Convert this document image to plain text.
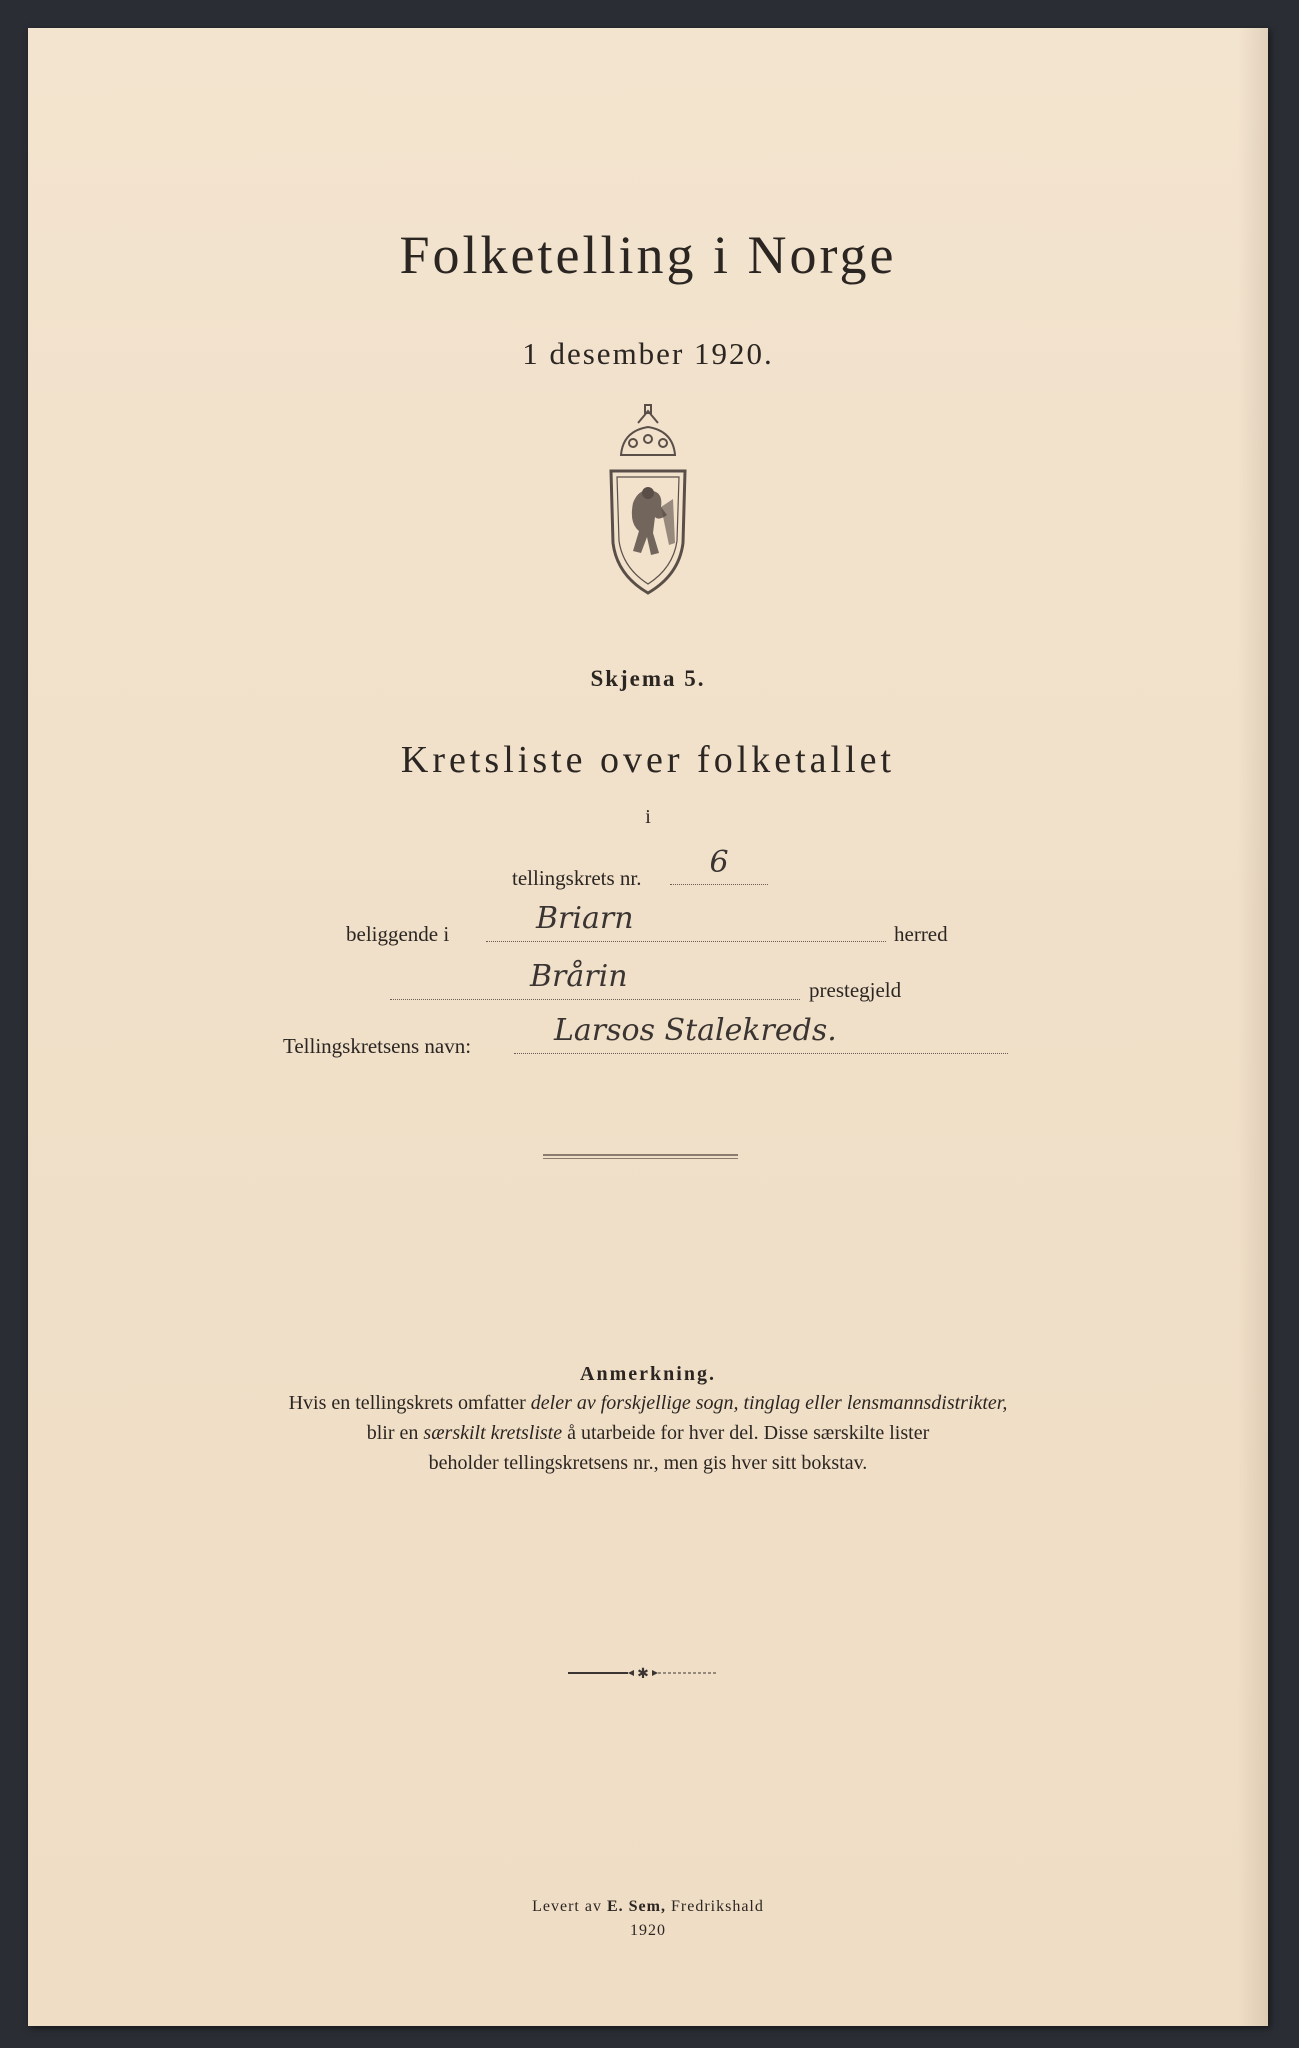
Folketelling i Norge
1 desember 1920.
Skjema 5.
Kretsliste over folketallet
i
tellingskrets nr.	6
beliggende i	Briarn	herred
Brårin	prestegjeld
Tellingskretsens navn:	Larsos Stalekreds.
Anmerkning.
Hvis en tellingskrets omfatter deler av forskjellige sogn, tinglag eller lensmannsdistrikter,
blir en særskilt kretsliste å utarbeide for hver del. Disse særskilte lister
beholder tellingskretsens nr., men gis hver sitt bokstav.
✱
Levert av E. Sem, Fredrikshald
1920
